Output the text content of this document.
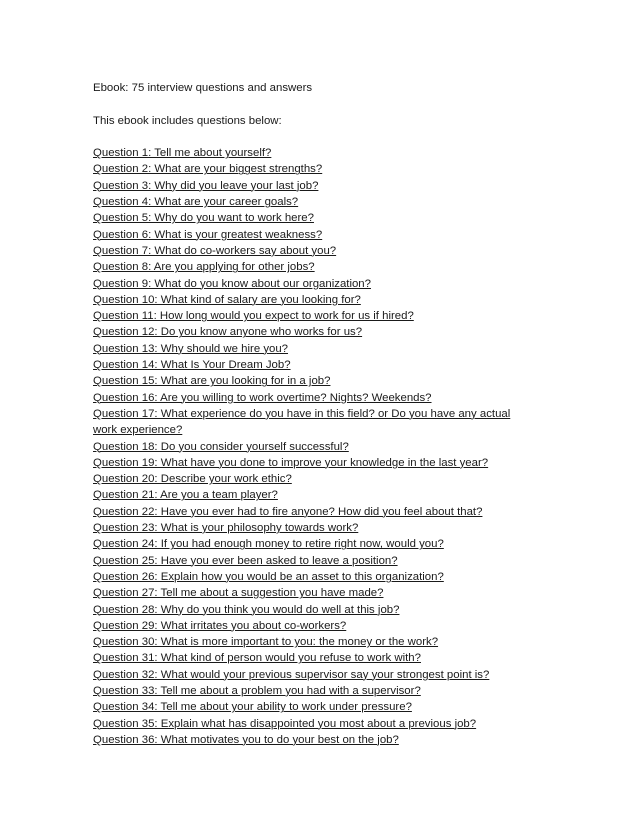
Ebook: 75 interview questions and answers
This ebook includes questions below:
Question 1: Tell me about yourself?
Question 2: What are your biggest strengths?
Question 3: Why did you leave your last job?
Question 4: What are your career goals?
Question 5: Why do you want to work here?
Question 6: What is your greatest weakness?
Question 7: What do co-workers say about you?
Question 8: Are you applying for other jobs?
Question 9: What do you know about our organization?
Question 10: What kind of salary are you looking for?
Question 11: How long would you expect to work for us if hired?
Question 12: Do you know anyone who works for us?
Question 13: Why should we hire you?
Question 14: What Is Your Dream Job?
Question 15: What are you looking for in a job?
Question 16: Are you willing to work overtime? Nights? Weekends?
Question 17: What experience do you have in this field? or Do you have any actual
work experience?
Question 18: Do you consider yourself successful?
Question 19: What have you done to improve your knowledge in the last year?
Question 20: Describe your work ethic?
Question 21: Are you a team player?
Question 22: Have you ever had to fire anyone? How did you feel about that?
Question 23: What is your philosophy towards work?
Question 24: If you had enough money to retire right now, would you?
Question 25: Have you ever been asked to leave a position?
Question 26: Explain how you would be an asset to this organization?
Question 27: Tell me about a suggestion you have made?
Question 28: Why do you think you would do well at this job?
Question 29: What irritates you about co-workers?
Question 30: What is more important to you: the money or the work?
Question 31: What kind of person would you refuse to work with?
Question 32: What would your previous supervisor say your strongest point is?
Question 33: Tell me about a problem you had with a supervisor?
Question 34: Tell me about your ability to work under pressure?
Question 35: Explain what has disappointed you most about a previous job?
Question 36: What motivates you to do your best on the job?
